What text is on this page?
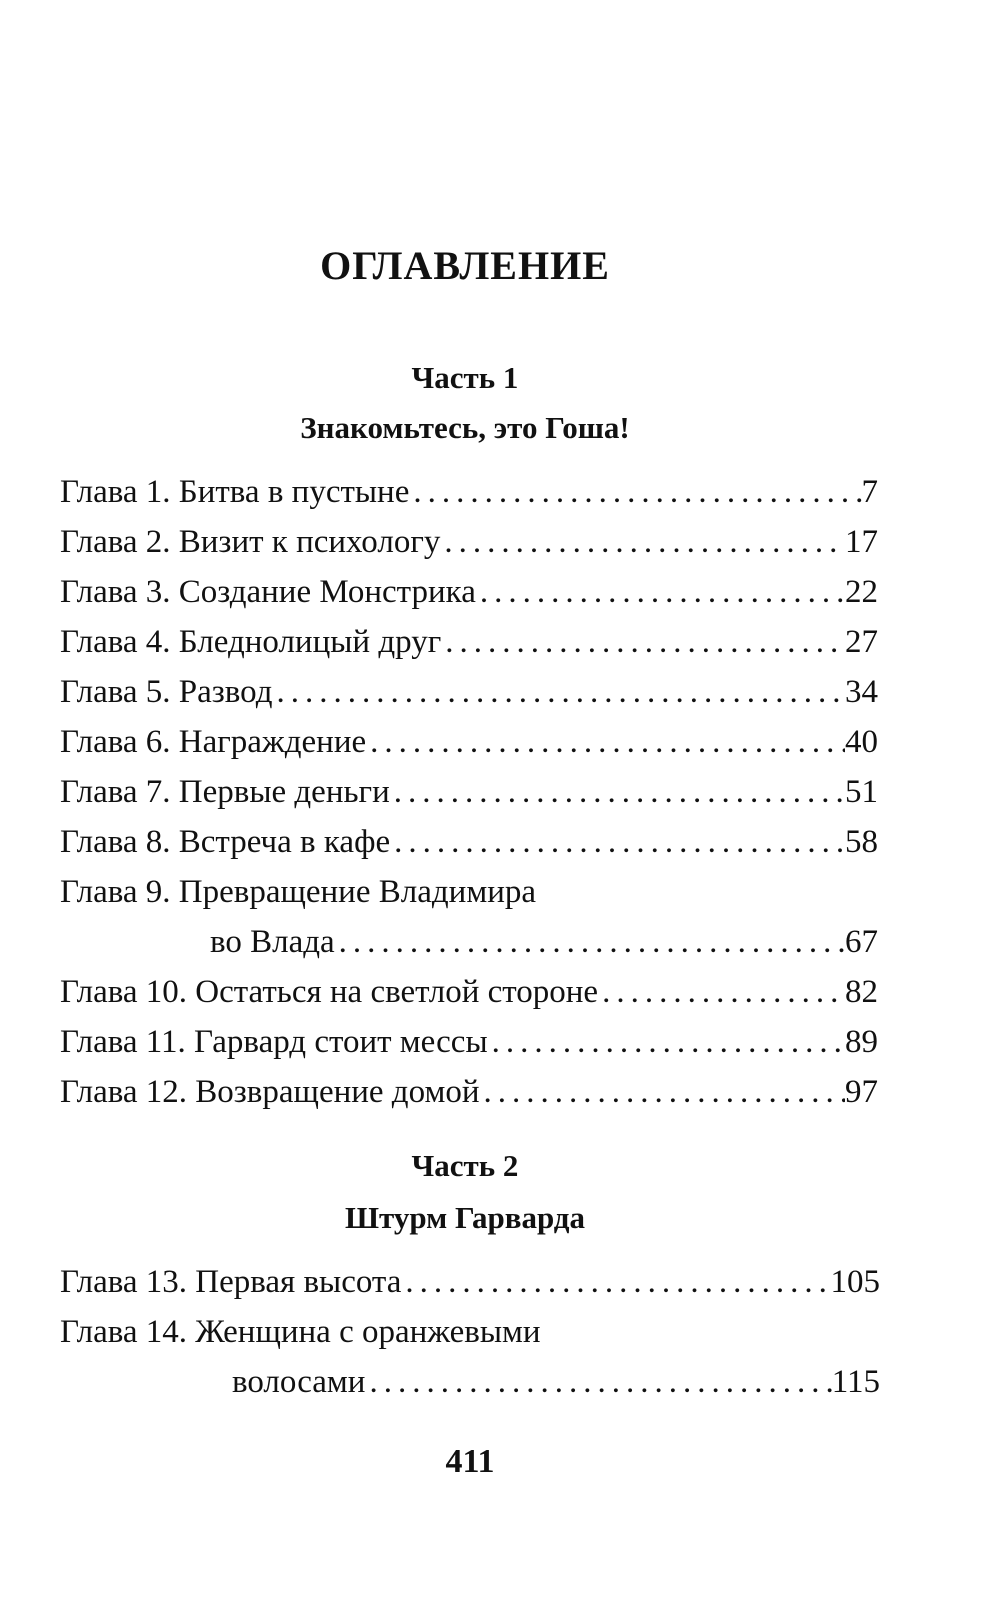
ОГЛАВЛЕНИЕ
Часть 1
Знакомьтесь, это Гоша!
Глава 1. Битва в пустыне .....	7
Глава 2. Визит к психологу .....	17
Глава 3. Создание Монстрика .....	22
Глава 4. Бледнолицый друг .....	27
Глава 5. Развод .....	34
Глава 6. Награждение .....	40
Глава 7. Первые деньги .....	51
Глава 8. Встреча в кафе .....	58
Глава 9. Превращение Владимира
во Влада .....	67
Глава 10. Остаться на светлой стороне .....	82
Глава 11. Гарвард стоит мессы .....	89
Глава 12. Возвращение домой .....	97
Часть 2
Штурм Гарварда
Глава 13. Первая высота .....	105
Глава 14. Женщина с оранжевыми
волосами .....	115
411
